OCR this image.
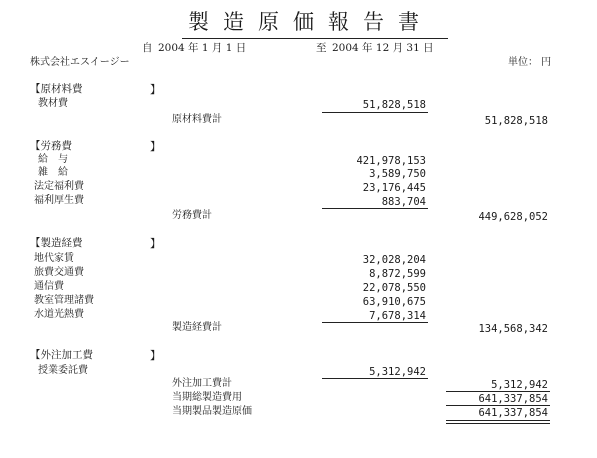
製造原価報告書
自 2004 年 1 月 1 日	至 2004 年 12 月 31 日
株式会社エスイージー	単位： 円
【原材料費	】
教材費	51,828,518
原材料費計	51,828,518
【労務費	】
給　与	421,978,153
雑　給	3,589,750
法定福利費	23,176,445
福利厚生費	883,704
労務費計	449,628,052
【製造経費	】
地代家賃	32,028,204
旅費交通費	8,872,599
通信費	22,078,550
教室管理諸費	63,910,675
水道光熱費	7,678,314
製造経費計	134,568,342
【外注加工費	】
授業委託費	5,312,942
外注加工費計	5,312,942
当期総製造費用	641,337,854
当期製品製造原価	641,337,854
